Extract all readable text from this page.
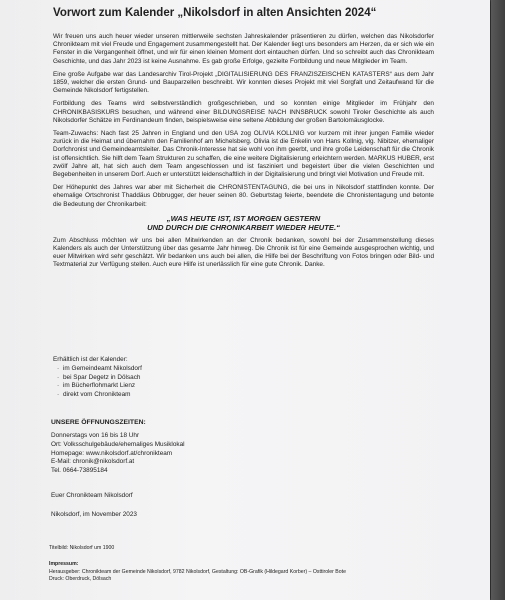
Vorwort zum Kalender „Nikolsdorf in alten Ansichten 2024“

Wir freuen uns auch heuer wieder unseren mittlerweile sechsten Jahreskalender präsentieren zu dürfen, welchen das Nikolsdorfer Chronikteam mit viel Freude und Engagement zusammengestellt hat. Der Kalender liegt uns besonders am Herzen, da er sich wie ein Fenster in die Vergangenheit öffnet, und wir für einen kleinen Moment dort eintauchen dürfen. Und so schreibt auch das Chronikteam Geschichte, und das Jahr 2023 ist keine Ausnahme. Es gab große Erfolge, gezielte Fortbildung und neue Mitglieder im Team.

Eine große Aufgabe war das Landesarchiv Tirol-Projekt „DIGITALISIERUNG DES FRANZISZEISCHEN KATASTERS“ aus dem Jahr 1859, welcher die ersten Grund- und Bauparzellen beschreibt. Wir konnten dieses Projekt mit viel Sorgfalt und Zeitaufwand für die Gemeinde Nikolsdorf fertigstellen.

Fortbildung des Teams wird selbstverständlich großgeschrieben, und so konnten einige Mitglieder im Frühjahr den CHRONIKBASISKURS besuchen, und während einer BILDUNGSREISE NACH INNSBRUCK sowohl Tiroler Geschichte als auch Nikolsdorfer Schätze im Ferdinandeum finden, beispielsweise eine seltene Abbildung der großen Bartolomäusglocke.

Team-Zuwachs: Nach fast 25 Jahren in England und den USA zog OLIVIA KOLLNIG vor kurzem mit ihrer jungen Familie wieder zurück in die Heimat und übernahm den Familienhof am Michelsberg. Olivia ist die Enkelin von Hans Kollnig, vlg. Nibitzer, ehemaliger Dorfchronist und Gemeindeamtsleiter. Das Chronik-Interesse hat sie wohl von ihm geerbt, und ihre große Leidenschaft für die Chronik ist offensichtlich. Sie hilft dem Team Strukturen zu schaffen, die eine weitere Digitalisierung erleichtern werden. MARKUS HUBER, erst zwölf Jahre alt, hat sich auch dem Team angeschlossen und ist fasziniert und begeistert über die vielen Geschichten und Begebenheiten in unserem Dorf. Auch er unterstützt leidenschaftlich in der Digitalisierung und bringt viel Motivation und Freude mit.

Der Höhepunkt des Jahres war aber mit Sicherheit die CHRONISTENTAGUNG, die bei uns in Nikolsdorf stattfinden konnte. Der ehemalige Ortschronist Thaddäus Obbrugger, der heuer seinen 80. Geburtstag feierte, beendete die Chronistentagung und betonte die Bedeutung der Chronikarbeit:

„WAS HEUTE IST, IST MORGEN GESTERN
UND DURCH DIE CHRONIKARBEIT WIEDER HEUTE.“

Zum Abschluss möchten wir uns bei allen Mitwirkenden an der Chronik bedanken, sowohl bei der Zusammenstellung dieses Kalenders als auch der Unterstützung über das gesamte Jahr hinweg. Die Chronik ist für eine Gemeinde ausgesprochen wichtig, und euer Mitwirken wird sehr geschätzt. Wir bedanken uns auch bei allen, die Hilfe bei der Beschriftung von Fotos bringen oder Bild- und Textmaterial zur Verfügung stellen. Auch eure Hilfe ist unerlässlich für eine gute Chronik. Danke.

Erhältlich ist der Kalender:
· im Gemeindeamt Nikolsdorf
· bei Spar Degetz in Dölsach
· im Bücherflohmarkt Lienz
· direkt vom Chronikteam
UNSERE ÖFFNUNGSZEITEN:
Donnerstags von 16 bis 18 Uhr
Ort: Volksschulgebäude/ehemaliges Musiklokal
Homepage: www.nikolsdorf.at/chronikteam
E-Mail: chronik@nikolsdorf.at
Tel. 0664-73895184
Euer Chronikteam Nikolsdorf
Nikolsdorf, im November 2023
Titelbild: Nikolsdorf um 1900
Impressum:
Herausgeber: Chronikteam der Gemeinde Nikolsdorf, 9782 Nikolsdorf, Gestaltung: OB-Grafik (Hildegard Korber) – Osttiroler Bote
Druck: Oberdruck, Dölsach
